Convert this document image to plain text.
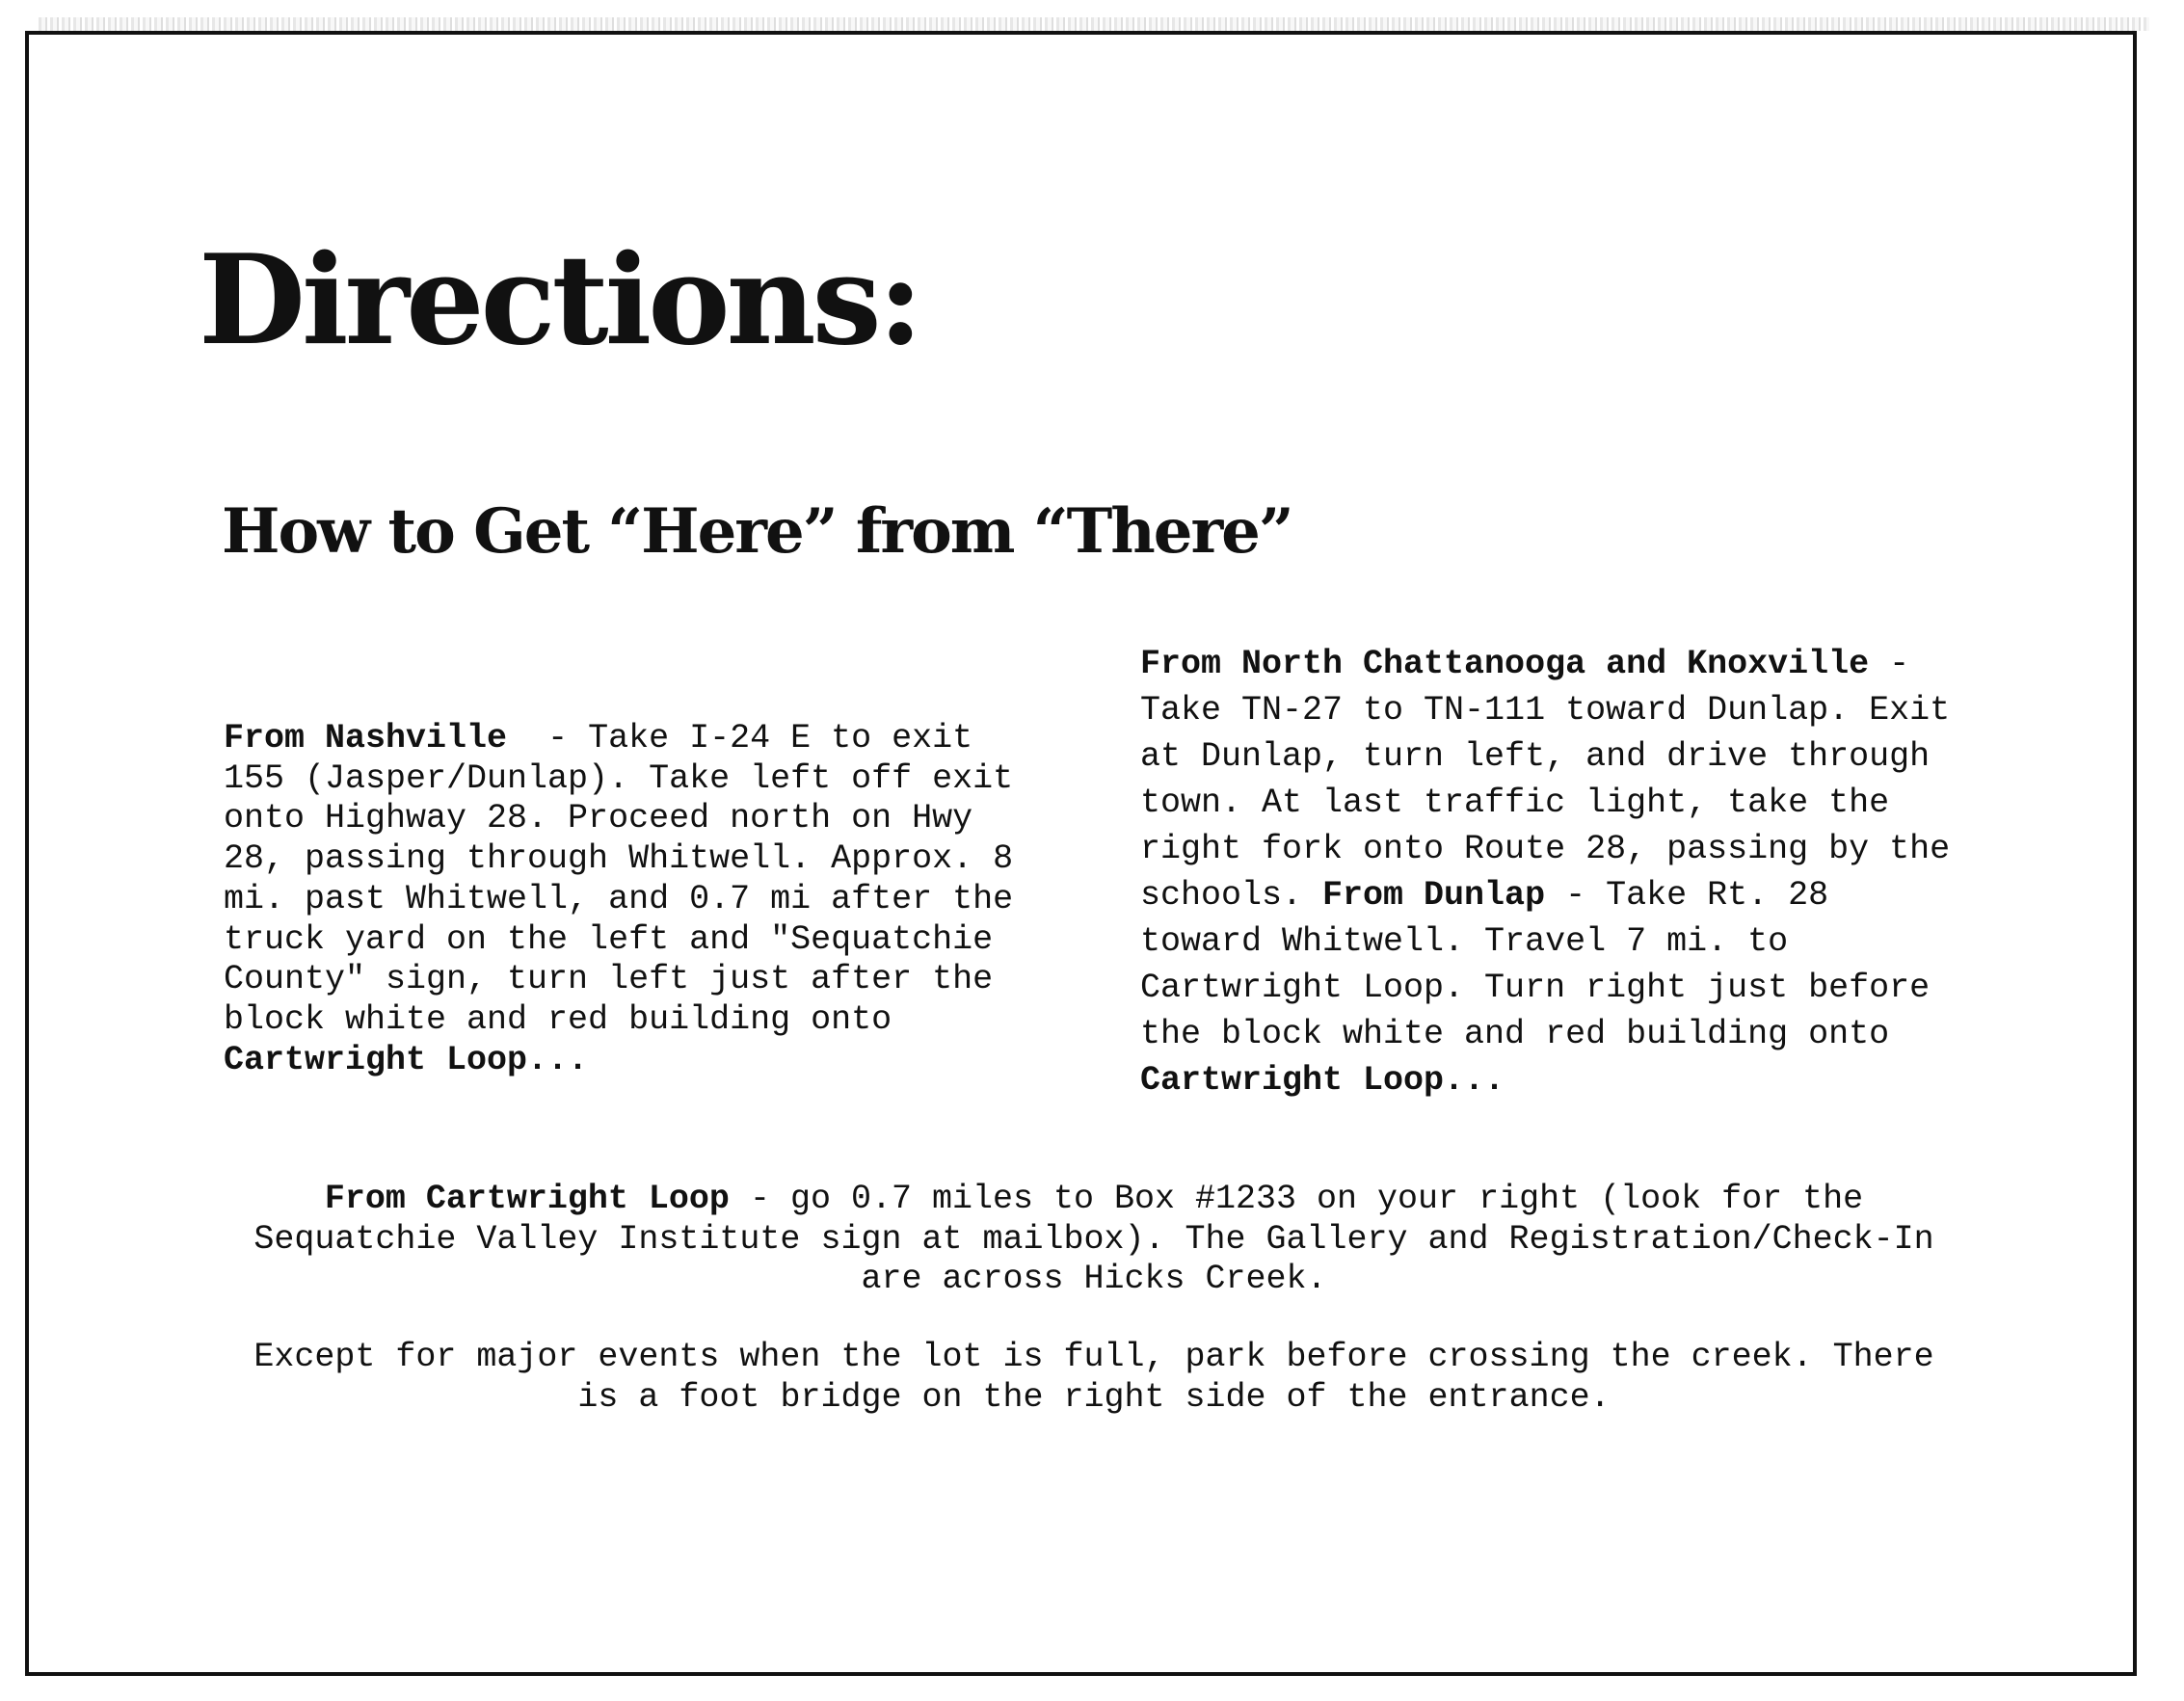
Directions:
How to Get “Here” from “There”
From Nashville  - Take I-24 E to exit
155 (Jasper/Dunlap). Take left off exit
onto Highway 28. Proceed north on Hwy
28, passing through Whitwell. Approx. 8
mi. past Whitwell, and 0.7 mi after the
truck yard on the left and "Sequatchie
County" sign, turn left just after the
block white and red building onto
Cartwright Loop...
From North Chattanooga and Knoxville -
Take TN-27 to TN-111 toward Dunlap. Exit
at Dunlap, turn left, and drive through
town. At last traffic light, take the
right fork onto Route 28, passing by the
schools. From Dunlap - Take Rt. 28
toward Whitwell. Travel 7 mi. to
Cartwright Loop. Turn right just before
the block white and red building onto
Cartwright Loop...
From Cartwright Loop - go 0.7 miles to Box #1233 on your right (look for the
Sequatchie Valley Institute sign at mailbox). The Gallery and Registration/Check-In
are across Hicks Creek.
Except for major events when the lot is full, park before crossing the creek. There
is a foot bridge on the right side of the entrance.
